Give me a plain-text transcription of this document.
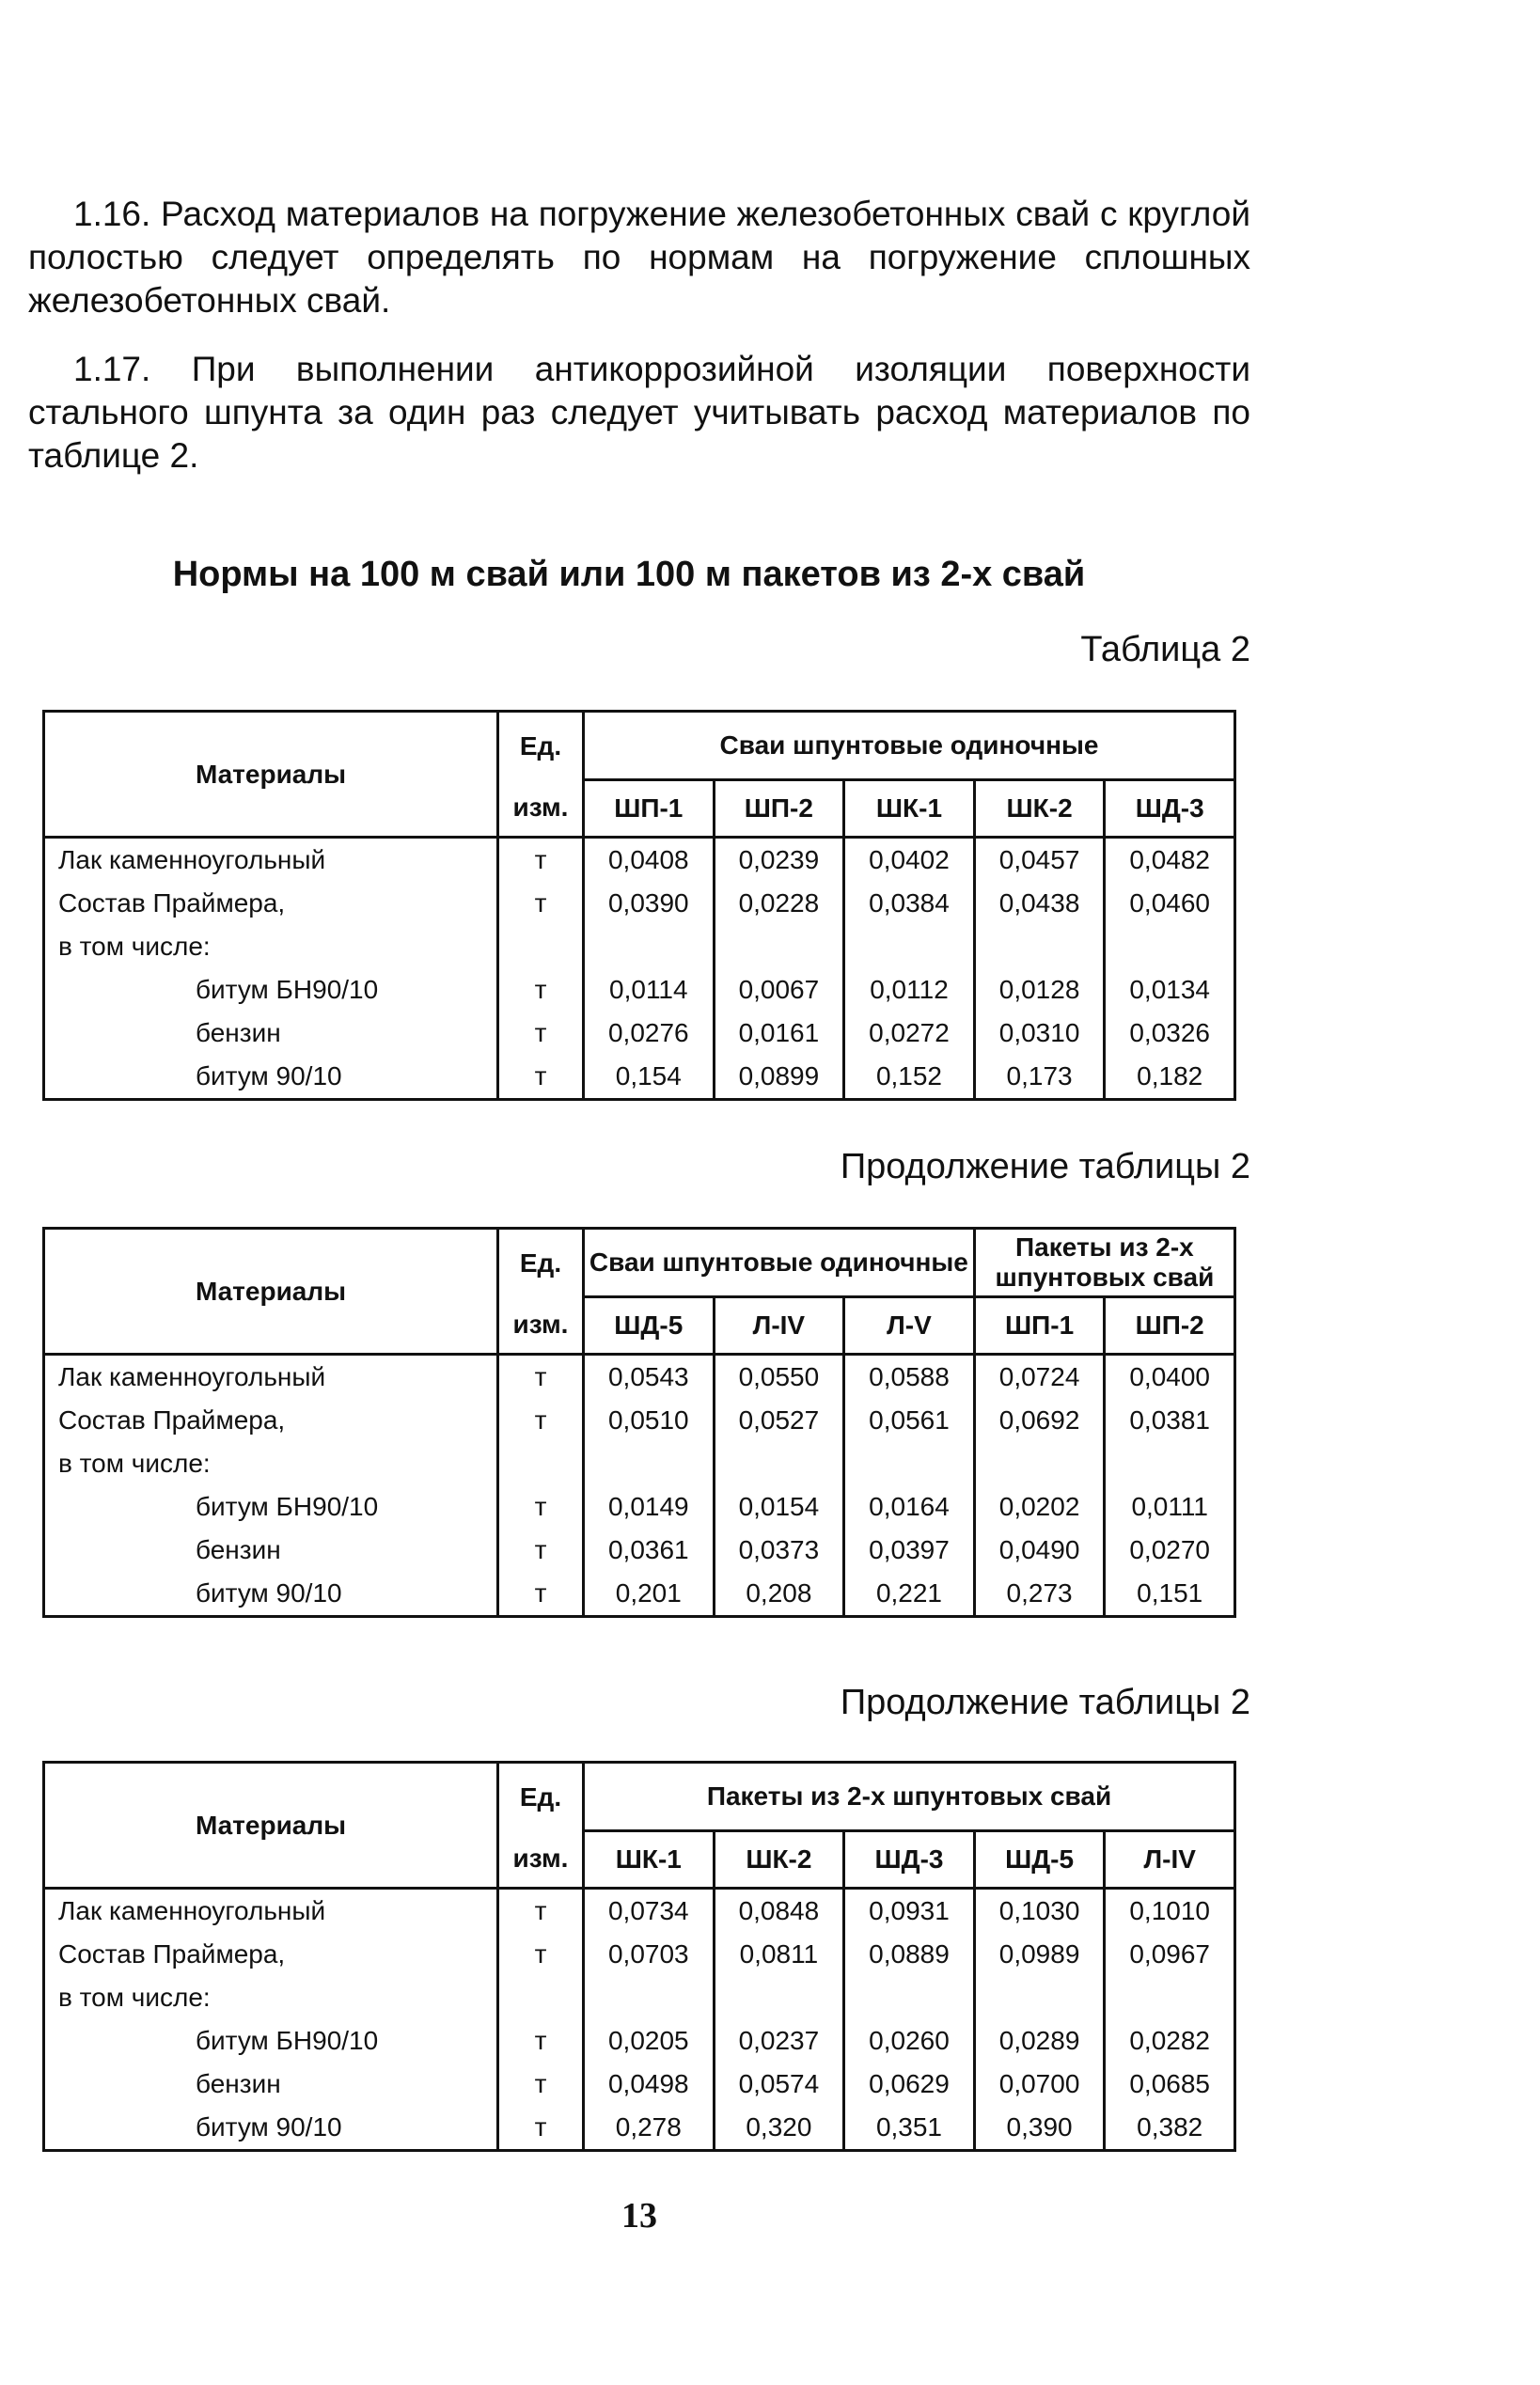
1.16. Расход материалов на погружение железобетонных свай с круглой полостью следует определять по нормам на погружение сплошных железобетонных свай.

1.17. При выполнении антикоррозийной изоляции поверхности стального шпунта за один раз следует учитывать расход материалов по таблице 2.

Нормы на 100 м свай или 100 м пакетов из 2-х свай

Таблица 2

Материалы	Ед.	Сваи шпунтовые одиночные				
	изм.	ШП-1	ШП-2	ШК-1	ШК-2	ШД-3
Лак каменноугольный	т	0,0408	0,0239	0,0402	0,0457	0,0482
Состав Праймера,	т	0,0390	0,0228	0,0384	0,0438	0,0460
в том числе:						
битум БН90/10	т	0,0114	0,0067	0,0112	0,0128	0,0134
бензин	т	0,0276	0,0161	0,0272	0,0310	0,0326
битум 90/10	т	0,154	0,0899	0,152	0,173	0,182

Продолжение таблицы 2

Материалы	Ед.	Сваи шпунтовые одиночные			Пакеты из 2-х шпунтовых свай	
	изм.	ШД-5	Л-IV	Л-V	ШП-1	ШП-2
Лак каменноугольный	т	0,0543	0,0550	0,0588	0,0724	0,0400
Состав Праймера,	т	0,0510	0,0527	0,0561	0,0692	0,0381
в том числе:						
битум БН90/10	т	0,0149	0,0154	0,0164	0,0202	0,0111
бензин	т	0,0361	0,0373	0,0397	0,0490	0,0270
битум 90/10	т	0,201	0,208	0,221	0,273	0,151

Продолжение таблицы 2

Материалы	Ед.	Пакеты из 2-х шпунтовых свай				
	изм.	ШК-1	ШК-2	ШД-3	ШД-5	Л-IV
Лак каменноугольный	т	0,0734	0,0848	0,0931	0,1030	0,1010
Состав Праймера,	т	0,0703	0,0811	0,0889	0,0989	0,0967
в том числе:						
битум БН90/10	т	0,0205	0,0237	0,0260	0,0289	0,0282
бензин	т	0,0498	0,0574	0,0629	0,0700	0,0685
битум 90/10	т	0,278	0,320	0,351	0,390	0,382

13
